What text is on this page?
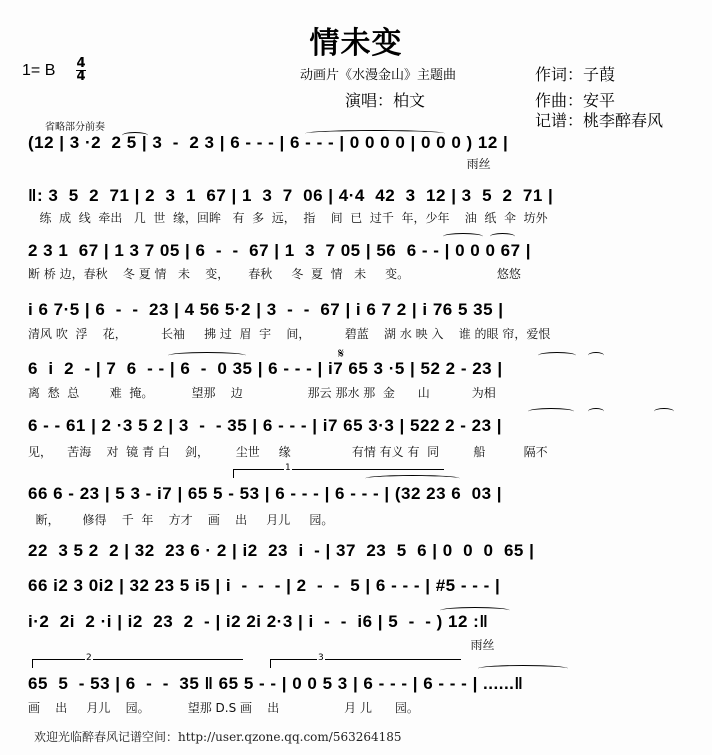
情未变
1= B 4
4	动画片《水漫金山》主题曲
演唱：柏文
作词：子葭
作曲：安平
记谱：桃李醉春风
省略部分前奏
1
2	3
𝄋
(12 | 3 ·2  2 5 | 3  -  2 3 | 6 - - - | 6 - - - | 0 0 0 0 | 0 0 0 ) 12 |
雨丝
‖: 3  5  2  71 | 2  3  1  67 | 1  3  7  06 | 4·4  42  3  12 | 3  5  2  71 |
练  成  线  牵出   几  世  缘，回眸   有  多  远，  指    间  已  过千  年，少年    油  纸  伞  坊外
2 3 1  67 | 1 3 7 05 | 6  -  -  67 | 1  3  7 05 | 56  6 - - | 0 0 0 67 |
断 桥 边，春秋    冬 夏 情   未    变，     春秋     冬  夏  情   未     变。                       悠悠
i 6 7·5 | 6  -  -  23 | 4 56 5·2 | 3  -  -  67 | i 6 7 2 | i 76 5 35 |
清风 吹  浮    花，         长袖     拂 过  眉  宇    间，         碧蓝    湖 水 映 入    谁 的眼 帘，爱恨
6  i  2  - | 7  6  - - | 6  -  0 35 | 6 - - - | i7 65 3 ·5 | 52 2 - 23 |
离  愁  总        难  掩。          望那    边                 那云 那水 那  金      山           为相
6 - - 61 | 2 ·3 5 2 | 3  -  - 35 | 6 - - - | i7 65 3·3 | 522 2 - 23 |
见，    苦海    对  镜 青 白    剑，       尘世     缘                有情 有义 有  同         船          隔不
66 6 - 23 | 5 3 - i7 | 65 5 - 53 | 6 - - - | 6 - - - | (32 23 6  03 |
断，      修得    千  年    方才    画    出     月儿     园。
22  3 5 2  2 | 32  23 6 · 2 | i2  23  i  - | 37  23  5  6 | 0  0  0  65 |
66 i2 3 0i2 | 32 23 5 i5 | i  -  -  - | 2  -  -  5 | 6 - - - | #5 - - - |
i·2  2i  2 ·i | i2  23  2  - | i2 2i 2·3 | i  -  -  i6 | 5  -  - ) 12 :‖
雨丝
65  5  - 53 | 6  -  -  35 ‖ 65 5 - - | 0 0 5 3 | 6 - - - | 6 - - - | ......‖
画    出     月儿    园。          望那 D.S 画    出                 月 儿      园。
欢迎光临醉春风记谱空间：http://user.qzone.qq.com/563264185
